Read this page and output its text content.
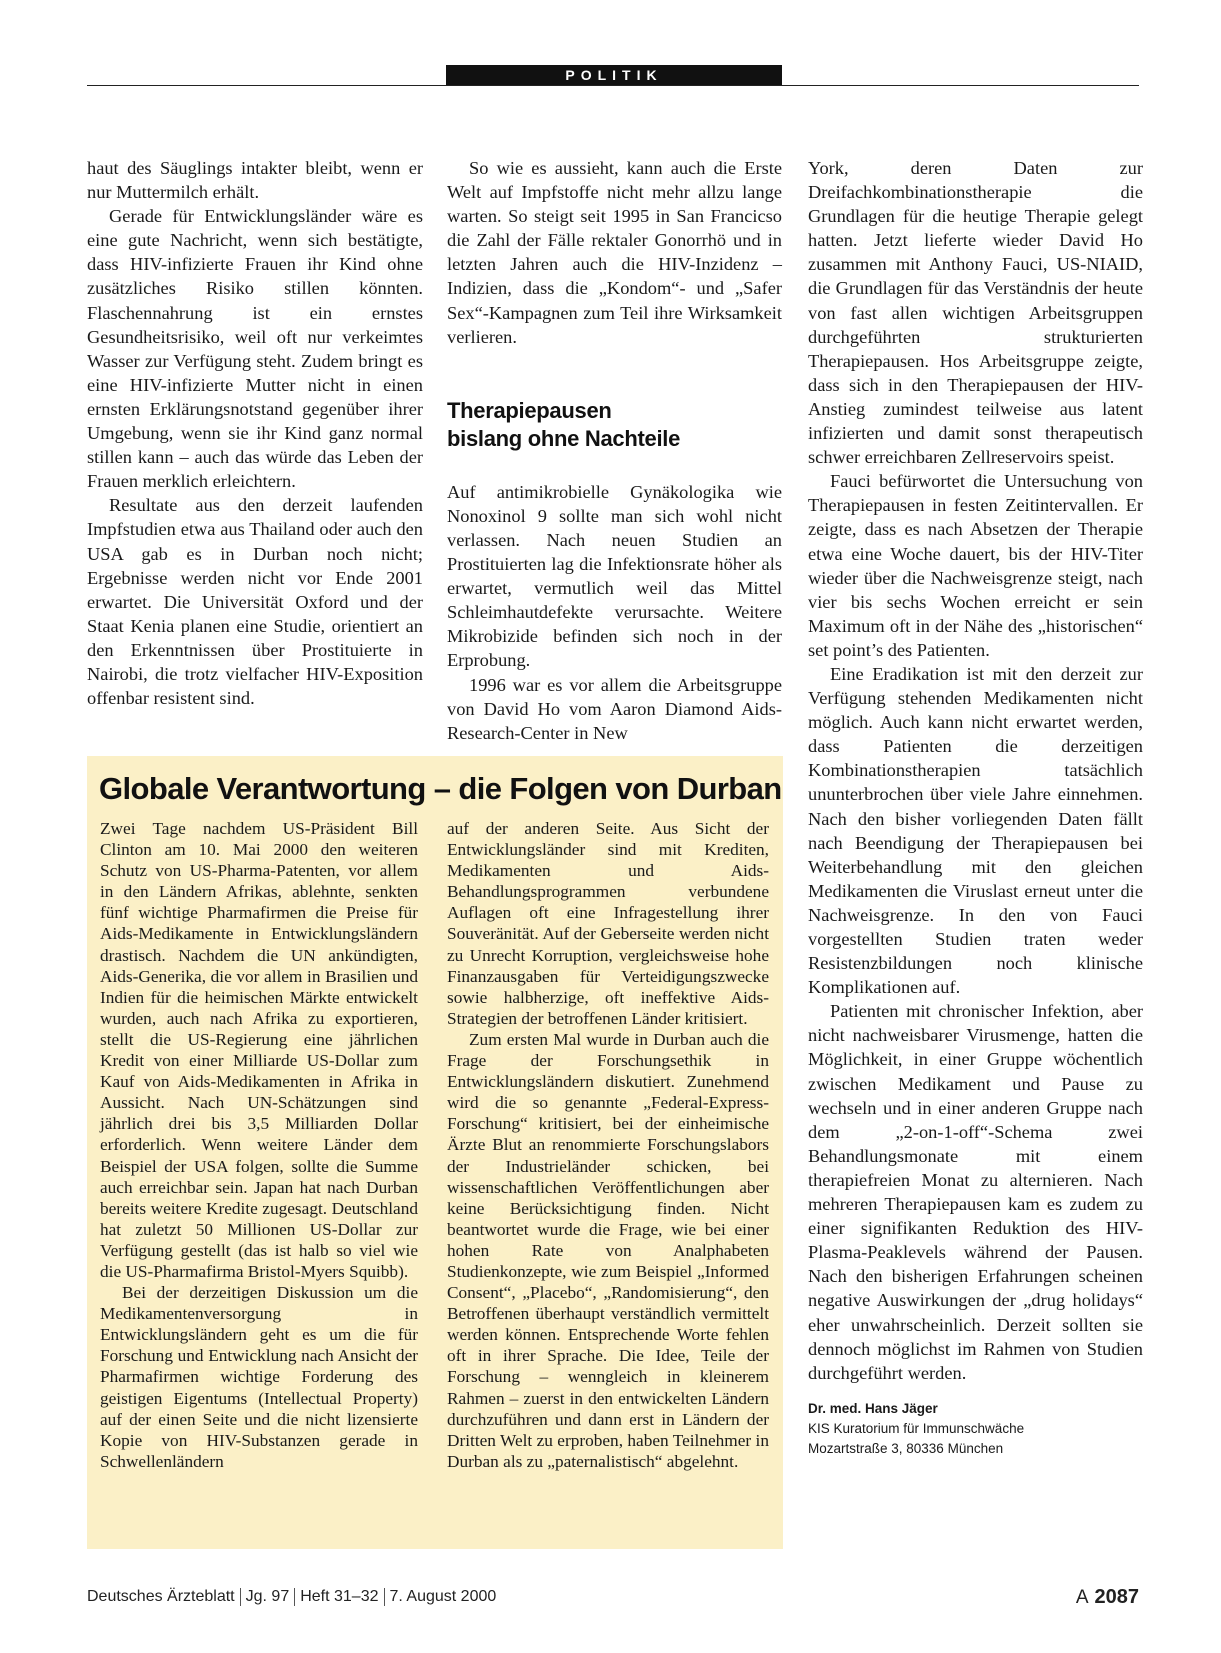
POLITIK

haut des Säuglings intakter bleibt, wenn er nur Muttermilch erhält.

Gerade für Entwicklungsländer wäre es eine gute Nachricht, wenn sich bestätigte, dass HIV-infizierte Frauen ihr Kind ohne zusätzliches Risiko stillen könnten. Flaschennahrung ist ein ernstes Gesundheitsrisiko, weil oft nur verkeimtes Wasser zur Verfügung steht. Zudem bringt es eine HIV-infizierte Mutter nicht in einen ernsten Erklärungsnotstand gegenüber ihrer Umgebung, wenn sie ihr Kind ganz normal stillen kann – auch das würde das Leben der Frauen merklich erleichtern.

Resultate aus den derzeit laufenden Impfstudien etwa aus Thailand oder auch den USA gab es in Durban noch nicht; Ergebnisse werden nicht vor Ende 2001 erwartet. Die Universität Oxford und der Staat Kenia planen eine Studie, orientiert an den Erkenntnissen über Prostituierte in Nairobi, die trotz vielfacher HIV-Exposition offenbar resistent sind.

So wie es aussieht, kann auch die Erste Welt auf Impfstoffe nicht mehr allzu lange warten. So steigt seit 1995 in San Francicso die Zahl der Fälle rektaler Gonorrhö und in letzten Jahren auch die HIV-Inzidenz – Indizien, dass die „Kondom“- und „Safer Sex“-Kampagnen zum Teil ihre Wirksamkeit verlieren.

Therapiepausen
bislang ohne Nachteile

Auf antimikrobielle Gynäkologika wie Nonoxinol 9 sollte man sich wohl nicht verlassen. Nach neuen Studien an Prostituierten lag die Infektionsrate höher als erwartet, vermutlich weil das Mittel Schleimhautdefekte verursachte. Weitere Mikrobizide befinden sich noch in der Erprobung.

1996 war es vor allem die Arbeitsgruppe von David Ho vom Aaron Diamond Aids-Research-Center in New

York, deren Daten zur Dreifachkombinationstherapie die Grundlagen für die heutige Therapie gelegt hatten. Jetzt lieferte wieder David Ho zusammen mit Anthony Fauci, US-NIAID, die Grundlagen für das Verständnis der heute von fast allen wichtigen Arbeitsgruppen durchgeführten strukturierten Therapiepausen. Hos Arbeitsgruppe zeigte, dass sich in den Therapiepausen der HIV-Anstieg zumindest teilweise aus latent infizierten und damit sonst therapeutisch schwer erreichbaren Zellreservoirs speist.

Fauci befürwortet die Untersuchung von Therapiepausen in festen Zeitintervallen. Er zeigte, dass es nach Absetzen der Therapie etwa eine Woche dauert, bis der HIV-Titer wieder über die Nachweisgrenze steigt, nach vier bis sechs Wochen erreicht er sein Maximum oft in der Nähe des „historischen“ set point’s des Patienten.

Eine Eradikation ist mit den derzeit zur Verfügung stehenden Medikamenten nicht möglich. Auch kann nicht erwartet werden, dass Patienten die derzeitigen Kombinationstherapien tatsächlich ununterbrochen über viele Jahre einnehmen. Nach den bisher vorliegenden Daten fällt nach Beendigung der Therapiepausen bei Weiterbehandlung mit den gleichen Medikamenten die Viruslast erneut unter die Nachweisgrenze. In den von Fauci vorgestellten Studien traten weder Resistenzbildungen noch klinische Komplikationen auf.

Patienten mit chronischer Infektion, aber nicht nachweisbarer Virusmenge, hatten die Möglichkeit, in einer Gruppe wöchentlich zwischen Medikament und Pause zu wechseln und in einer anderen Gruppe nach dem „2-on-1-off“-Schema zwei Behandlungsmonate mit einem therapiefreien Monat zu alternieren. Nach mehreren Therapiepausen kam es zudem zu einer signifikanten Reduktion des HIV-Plasma-Peaklevels während der Pausen. Nach den bisherigen Erfahrungen scheinen negative Auswirkungen der „drug holidays“ eher unwahrscheinlich. Derzeit sollten sie dennoch möglichst im Rahmen von Studien durchgeführt werden.

Dr. med. Hans Jäger
KIS Kuratorium für Immunschwäche
Mozartstraße 3, 80336 München
Globale Verantwortung – die Folgen von Durban

Zwei Tage nachdem US-Präsident Bill Clinton am 10. Mai 2000 den weiteren Schutz von US-Pharma-Patenten, vor allem in den Ländern Afrikas, ablehnte, senkten fünf wichtige Pharmafirmen die Preise für Aids-Medikamente in Entwicklungsländern drastisch. Nachdem die UN ankündigten, Aids-Generika, die vor allem in Brasilien und Indien für die heimischen Märkte entwickelt wurden, auch nach Afrika zu exportieren, stellt die US-Regierung eine jährlichen Kredit von einer Milliarde US-Dollar zum Kauf von Aids-Medikamenten in Afrika in Aussicht. Nach UN-Schätzungen sind jährlich drei bis 3,5 Milliarden Dollar erforderlich. Wenn weitere Länder dem Beispiel der USA folgen, sollte die Summe auch erreichbar sein. Japan hat nach Durban bereits weitere Kredite zugesagt. Deutschland hat zuletzt 50 Millionen US-Dollar zur Verfügung gestellt (das ist halb so viel wie die US-Pharmafirma Bristol-Myers Squibb).

Bei der derzeitigen Diskussion um die Medikamentenversorgung in Entwicklungsländern geht es um die für Forschung und Entwicklung nach Ansicht der Pharmafirmen wichtige Forderung des geistigen Eigentums (Intellectual Property) auf der einen Seite und die nicht lizensierte Kopie von HIV-Substanzen gerade in Schwellenländern

auf der anderen Seite. Aus Sicht der Entwicklungsländer sind mit Krediten, Medikamenten und Aids-Behandlungsprogrammen verbundene Auflagen oft eine Infragestellung ihrer Souveränität. Auf der Geberseite werden nicht zu Unrecht Korruption, vergleichsweise hohe Finanzausgaben für Verteidigungszwecke sowie halbherzige, oft ineffektive Aids-Strategien der betroffenen Länder kritisiert.

Zum ersten Mal wurde in Durban auch die Frage der Forschungsethik in Entwicklungsländern diskutiert. Zunehmend wird die so genannte „Federal-Express-Forschung“ kritisiert, bei der einheimische Ärzte Blut an renommierte Forschungslabors der Industrieländer schicken, bei wissenschaftlichen Veröffentlichungen aber keine Berücksichtigung finden. Nicht beantwortet wurde die Frage, wie bei einer hohen Rate von Analphabeten Studienkonzepte, wie zum Beispiel „Informed Consent“, „Placebo“, „Randomisierung“, den Betroffenen überhaupt verständlich vermittelt werden können. Entsprechende Worte fehlen oft in ihrer Sprache. Die Idee, Teile der Forschung – wenngleich in kleinerem Rahmen – zuerst in den entwickelten Ländern durchzuführen und dann erst in Ländern der Dritten Welt zu erproben, haben Teilnehmer in Durban als zu „paternalistisch“ abgelehnt.

Deutsches Ärzteblatt Jg. 97 Heft 31–32 7. August 2000	A 2087
